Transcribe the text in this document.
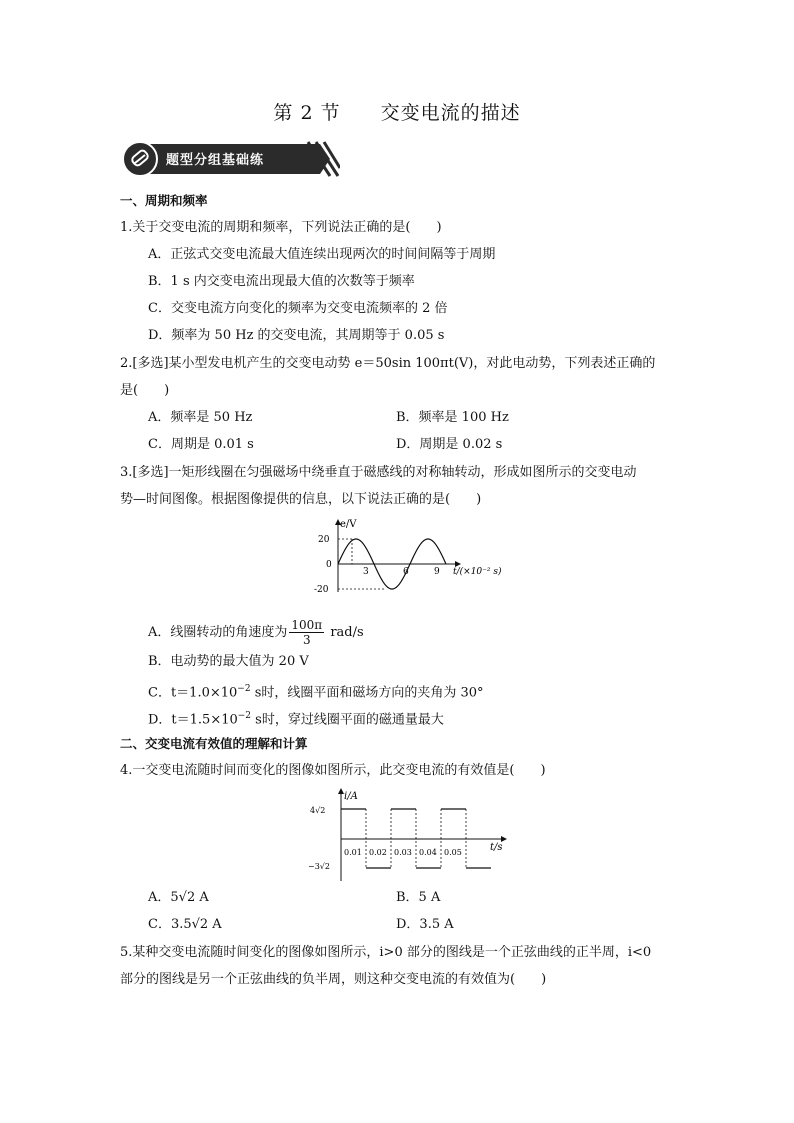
第 2 节 交变电流的描述
题型分组基础练
一、周期和频率
1.关于交变电流的周期和频率，下列说法正确的是(　　)
A．正弦式交变电流最大值连续出现两次的时间间隔等于周期
B．1 s 内交变电流出现最大值的次数等于频率
C．交变电流方向变化的频率为交变电流频率的 2 倍
D．频率为 50 Hz 的交变电流，其周期等于 0.05 s
2.[多选]某小型发电机产生的交变电动势 e＝50sin 100πt(V)，对此电动势，下列表述正确的
是(　　)
A．频率是 50 Hz	B．频率是 100 Hz
C．周期是 0.01 s	D．周期是 0.02 s
3.[多选]一矩形线圈在匀强磁场中绕垂直于磁感线的对称轴转动，形成如图所示的交变电动
势—时间图像。根据图像提供的信息，以下说法正确的是(　　)
e/V
20
0
-20
3	6	9 t/(×10⁻² s)
A．线圈转动的角速度为 $\frac{100\pi}{3} rad/s$
B．电动势的最大值为 20 V
C．$t=1.0\times 10^{-2}$ s时，线圈平面和磁场方向的夹角为 30°
D．$t=1.5\times 10^{-2}$ s时，穿过线圈平面的磁通量最大
二、交变电流有效值的理解和计算
4.一交变电流随时间而变化的图像如图所示，此交变电流的有效值是(　　)
i/A
4√2
−3√2
t/s
0.01 0.02 0.03 0.04 0.05
A．5√2 A	B．5 A
C．3.5√2 A	D．3.5 A
5.某种交变电流随时间变化的图像如图所示，i>0 部分的图线是一个正弦曲线的正半周，i<0
部分的图线是另一个正弦曲线的负半周，则这种交变电流的有效值为(　　)
